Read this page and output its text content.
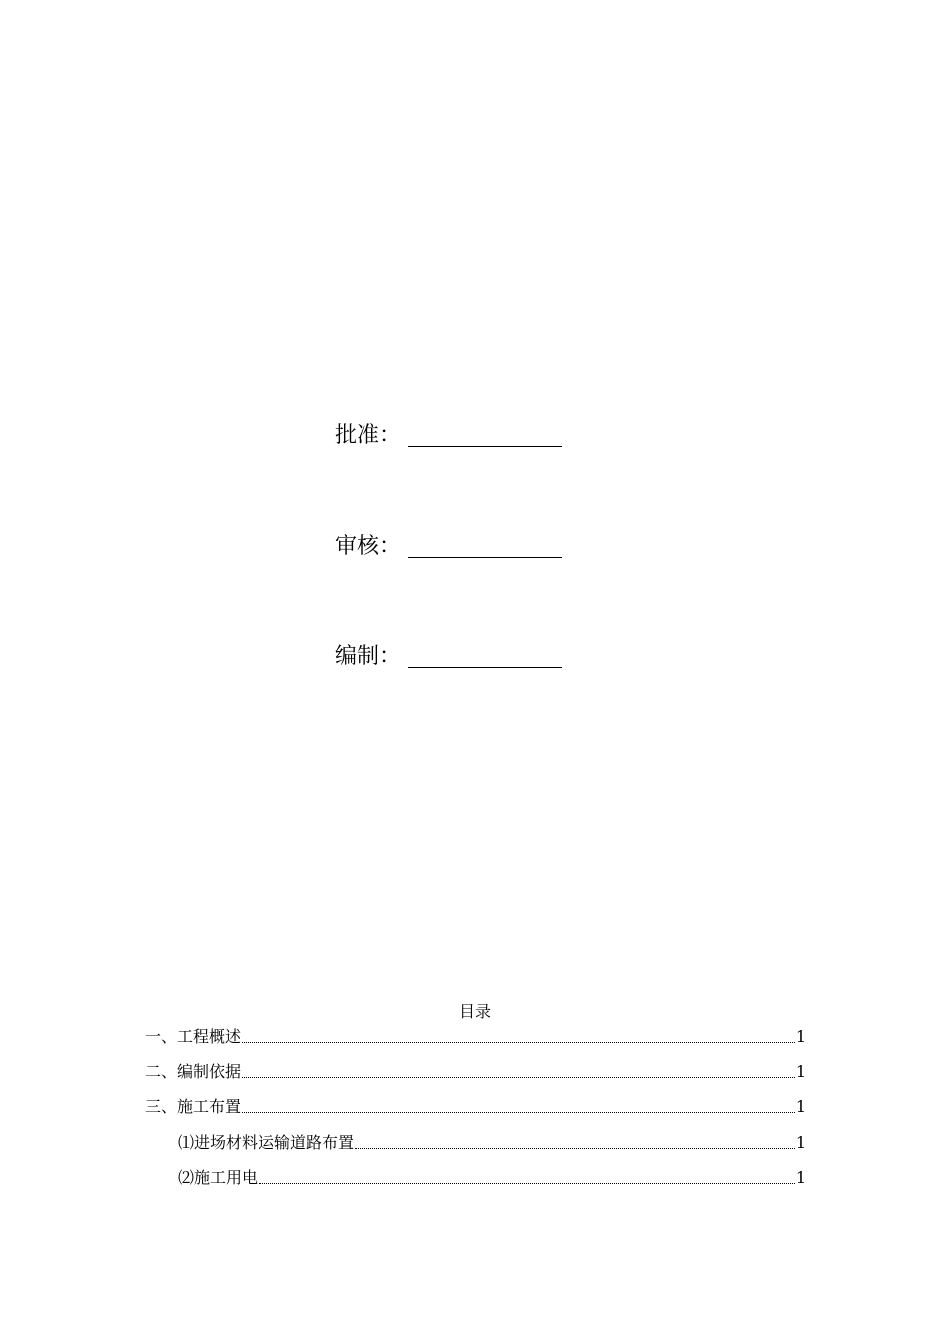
批准：
审核：
编制：
目录
一、工程概述	1
二、编制依据	1
三、施工布置	1
⑴进场材料运输道路布置	1
⑵施工用电	1
